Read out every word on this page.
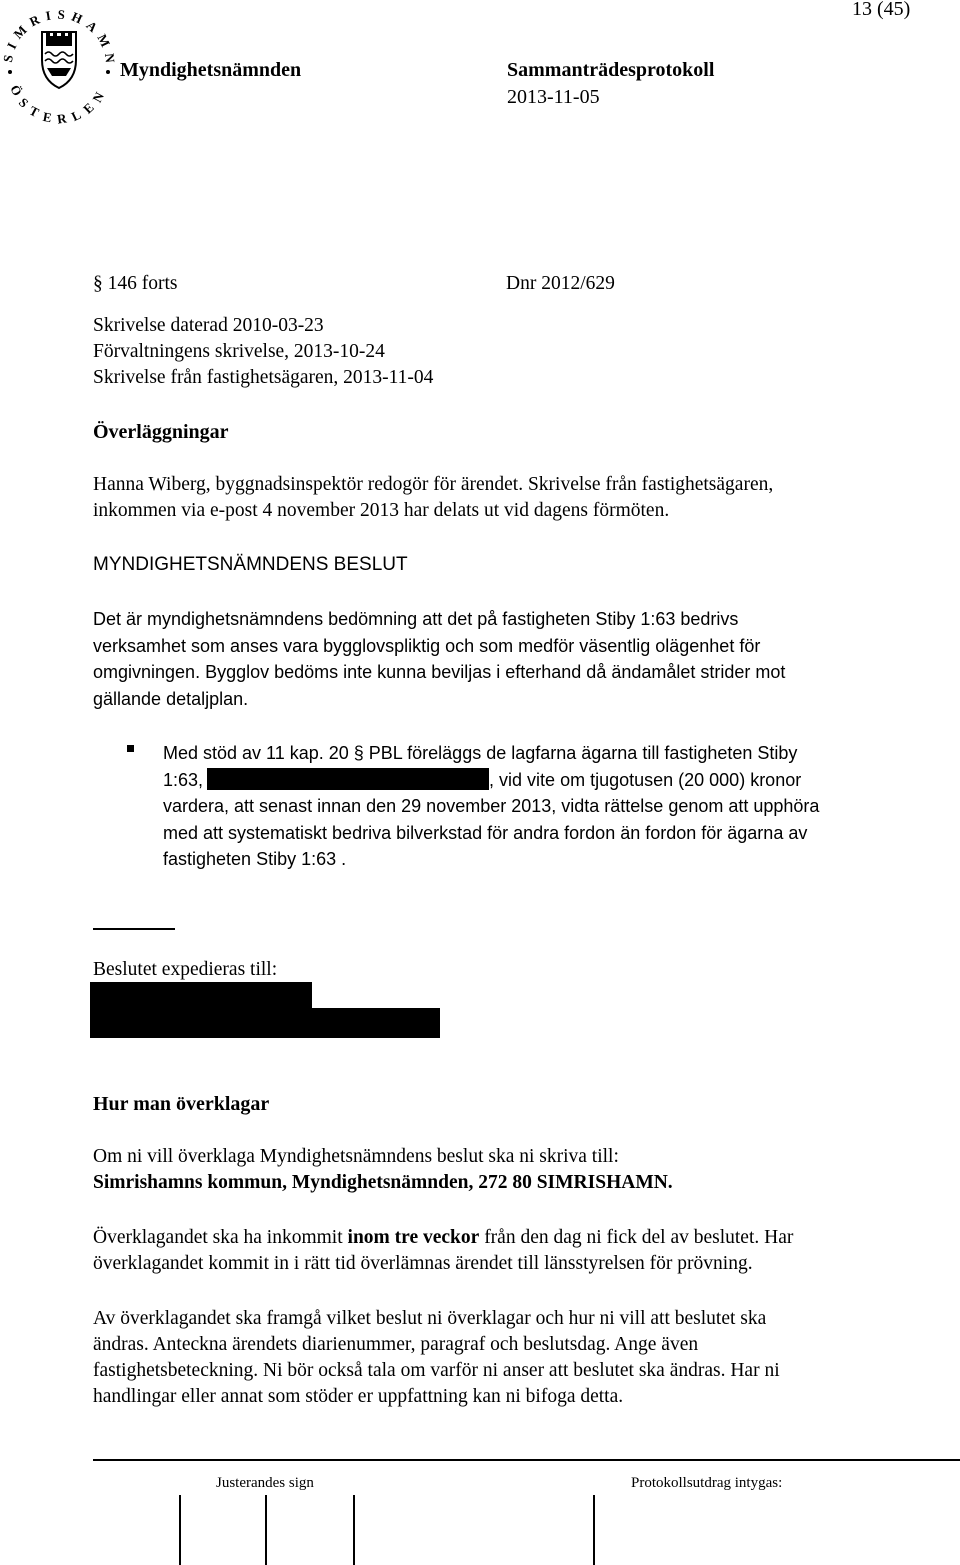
13 (45)
SIMRISHAMN
ÖSTERLEN
Myndighetsnämnden	Sammanträdesprotokoll
2013-11-05
§ 146 forts	Dnr 2012/629

Skrivelse daterad 2010-03-23

Förvaltningens skrivelse, 2013-10-24

Skrivelse från fastighetsägaren, 2013-11-04

Överläggningar

Hanna Wiberg, byggnadsinspektör redogör för ärendet. Skrivelse från fastighetsägaren,

inkommen via e-post 4 november 2013 har delats ut vid dagens förmöten.

MYNDIGHETSNÄMNDENS BESLUT

Det är myndighetsnämndens bedömning att det på fastigheten Stiby 1:63 bedrivs

verksamhet som anses vara bygglovspliktig och som medför väsentlig olägenhet för

omgivningen. Bygglov bedöms inte kunna beviljas i efterhand då ändamålet strider mot

gällande detaljplan.

Med stöd av 11 kap. 20 § PBL föreläggs de lagfarna ägarna till fastigheten Stiby

1:63,	, vid vite om tjugotusen (20 000) kronor

vardera, att senast innan den 29 november 2013, vidta rättelse genom att upphöra

med att systematiskt bedriva bilverkstad för andra fordon än fordon för ägarna av

fastigheten Stiby 1:63 .

Beslutet expedieras till:
Hur man överklagar

Om ni vill överklaga Myndighetsnämndens beslut ska ni skriva till:

Simrishamns kommun, Myndighetsnämnden, 272 80 SIMRISHAMN.

Överklagandet ska ha inkommit inom tre veckor från den dag ni fick del av beslutet. Har

överklagandet kommit in i rätt tid överlämnas ärendet till länsstyrelsen för prövning.

Av överklagandet ska framgå vilket beslut ni överklagar och hur ni vill att beslutet ska

ändras. Anteckna ärendets diarienummer, paragraf och beslutsdag. Ange även

fastighetsbeteckning. Ni bör också tala om varför ni anser att beslutet ska ändras. Har ni

handlingar eller annat som stöder er uppfattning kan ni bifoga detta.

Justerandes sign	Protokollsutdrag intygas:
